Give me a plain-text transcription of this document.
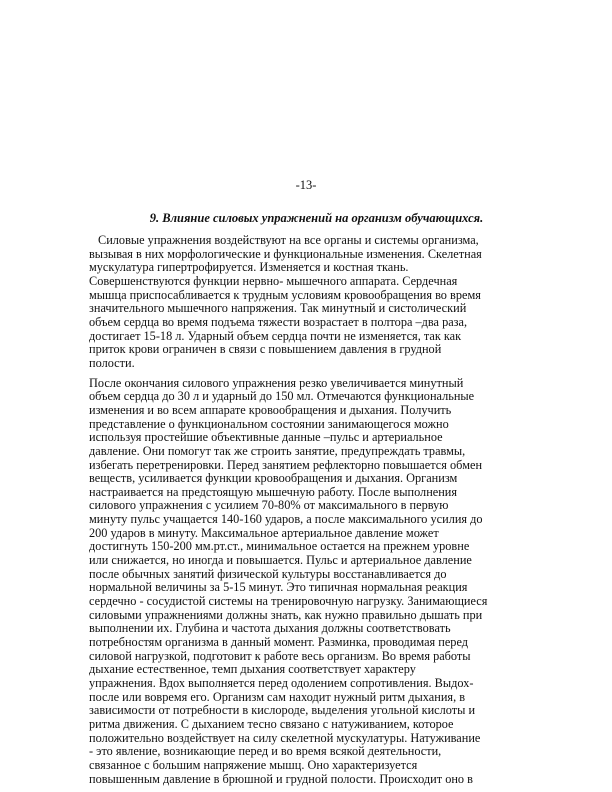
-13-
9. Влияние силовых упражнений на организм обучающихся.
Силовые упражнения воздействуют на все органы и системы организма,
вызывая в них морфологические и функциональные изменения. Скелетная
мускулатура гипертрофируется. Изменяется и костная ткань.
Совершенствуются функции нервно- мышечного аппарата. Сердечная
мышца приспосабливается к трудным условиям кровообращения во время
значительного мышечного напряжения. Так минутный и систолический
объем сердца во время подъема тяжести возрастает в полтора –два раза,
достигает 15-18 л. Ударный объем сердца почти не изменяется, так как
приток крови ограничен в связи с повышением давления в грудной
полости.
После окончания силового упражнения резко увеличивается минутный
объем сердца до 30 л и ударный до 150 мл. Отмечаются функциональные
изменения и во всем аппарате кровообращения и дыхания. Получить
представление о функциональном состоянии занимающегося можно
используя простейшие объективные данные –пульс и артериальное
давление. Они помогут так же строить занятие, предупреждать травмы,
избегать перетренировки. Перед занятием рефлекторно повышается обмен
веществ, усиливается функции кровообращения и дыхания. Организм
настраивается на предстоящую мышечную работу. После выполнения
силового упражнения с усилием 70-80% от максимального в первую
минуту пульс учащается 140-160 ударов, а после максимального усилия до
200 ударов в минуту. Максимальное артериальное давление может
достигнуть 150-200 мм.рт.ст., минимальное остается на прежнем уровне
или снижается, но иногда и повышается. Пульс и артериальное давление
после обычных занятий физической культуры восстанавливается до
нормальной величины за 5-15 минут. Это типичная нормальная реакция
сердечно - сосудистой системы на тренировочную нагрузку. Занимающиеся
силовыми упражнениями должны знать, как нужно правильно дышать при
выполнении их. Глубина и частота дыхания должны соответствовать
потребностям организма в данный момент. Разминка, проводимая перед
силовой нагрузкой, подготовит к работе весь организм. Во время работы
дыхание естественное, темп дыхания соответствует характеру
упражнения. Вдох выполняется перед одолением сопротивления. Выдох-
после или вовремя его. Организм сам находит нужный ритм дыхания, в
зависимости от потребности в кислороде, выделения угольной кислоты и
ритма движения. С дыханием тесно связано с натуживанием, которое
положительно воздействует на силу скелетной мускулатуры. Натуживание
- это явление, возникающие перед и во время всякой деятельности,
связанное с большим напряжение мышц. Оно характеризуется
повышенным давление в брюшной и грудной полости. Происходит оно в
